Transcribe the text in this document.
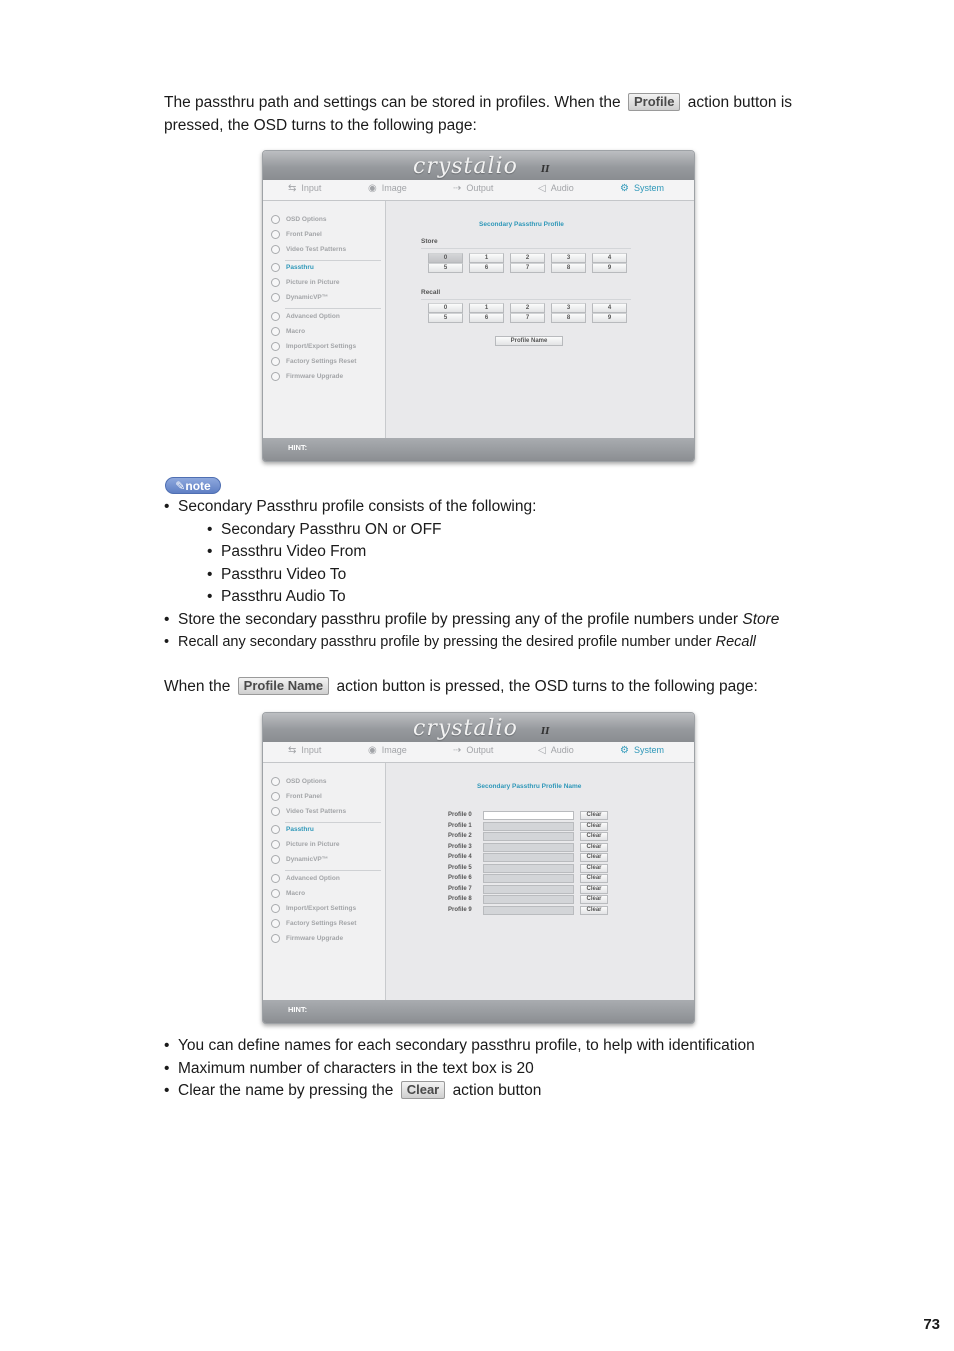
The passthru path and settings can be stored in profiles. When the Profile action button is pressed, the OSD turns to the following page:

crystalio	II
⇆ Input	◉ Image	⇢ Output	◁ Audio	⚙ System
OSD Options
Front Panel
Video Test Patterns
Passthru
Picture in Picture
DynamicVP™
Advanced Option
Macro
Import/Export Settings
Factory Settings Reset
Firmware Upgrade
Secondary Passthru Profile
Store
0	1	2	3	4
5	6	7	8	9
Recall
0	1	2	3	4
5	6	7	8	9
Profile Name
HINT:
✎note
• Secondary Passthru profile consists of the following:
• Secondary Passthru ON or OFF
• Passthru Video From
• Passthru Video To
• Passthru Audio To
• Store the secondary passthru profile by pressing any of the profile numbers under Store
• Recall any secondary passthru profile by pressing the desired profile number under Recall

When the Profile Name action button is pressed, the OSD turns to the following page:

crystalio	II
⇆ Input	◉ Image	⇢ Output	◁ Audio	⚙ System
OSD Options
Front Panel
Video Test Patterns
Passthru
Picture in Picture
DynamicVP™
Advanced Option
Macro
Import/Export Settings
Factory Settings Reset
Firmware Upgrade
Secondary Passthru Profile Name
Profile 0	Clear
Profile 1	Clear
Profile 2	Clear
Profile 3	Clear
Profile 4	Clear
Profile 5	Clear
Profile 6	Clear
Profile 7	Clear
Profile 8	Clear
Profile 9	Clear
HINT:
• You can define names for each secondary passthru profile, to help with identification
• Maximum number of characters in the text box is 20
• Clear the name by pressing the Clear action button
73
